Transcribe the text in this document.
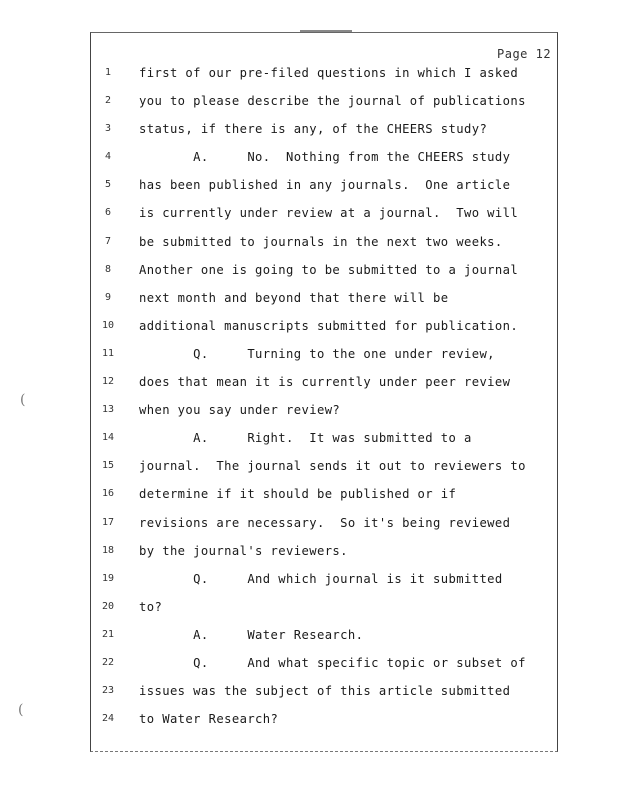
Page 12
1	first of our pre-filed questions in which I asked
2	you to please describe the journal of publications
3	status, if there is any, of the CHEERS study?
4	A.     No.  Nothing from the CHEERS study
5	has been published in any journals.  One article
6	is currently under review at a journal.  Two will
7	be submitted to journals in the next two weeks.
8	Another one is going to be submitted to a journal
9	next month and beyond that there will be
10	additional manuscripts submitted for publication.
11	Q.     Turning to the one under review,
12	does that mean it is currently under peer review
13	when you say under review?
14	A.     Right.  It was submitted to a
15	journal.  The journal sends it out to reviewers to
16	determine if it should be published or if
17	revisions are necessary.  So it's being reviewed
18	by the journal's reviewers.
19	Q.     And which journal is it submitted
20	to?
21	A.     Water Research.
22	Q.     And what specific topic or subset of
23	issues was the subject of this article submitted
24	to Water Research?
(
(
